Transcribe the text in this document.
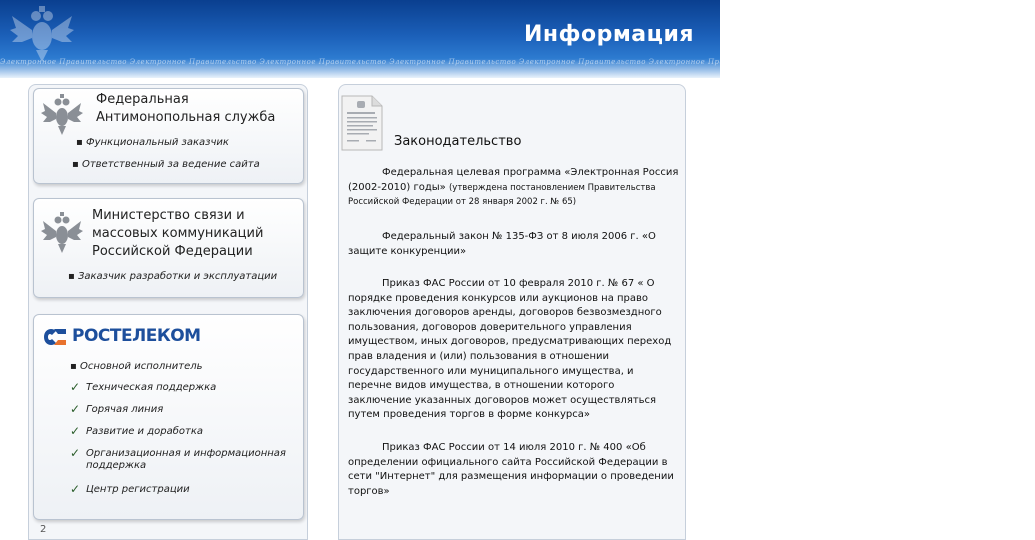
Электронное Правительство Электронное Правительство Электронное Правительство Электронное Правительство Электронное Правительство Электронное Правительство Электронное Правительство Электронное Правительство
Информация
Федеральная
Антимонопольная служба
▪ Функциональный заказчик
▪ Ответственный за ведение сайта
Министерство связи и
массовых коммуникаций
Российской Федерации
▪ Заказчик разработки и эксплуатации
РОСТЕЛЕКОМ
▪ Основной исполнитель
✓ Техническая поддержка
✓ Горячая линия
✓ Развитие и доработка
✓ Организационная и информационная поддержка
✓ Центр регистрации
2
Законодательство
Федеральная целевая программа «Электронная Россия (2002-2010) годы» (утверждена постановлением Правительства Российской Федерации от 28 января 2002 г. № 65)
Федеральный закон № 135-ФЗ от 8 июля 2006 г. «О защите конкуренции»
Приказ ФАС России от 10 февраля 2010 г. № 67 « О порядке проведения конкурсов или аукционов на право заключения договоров аренды, договоров безвозмездного пользования, договоров доверительного управления имуществом, иных договоров, предусматривающих переход прав владения и (или) пользования в отношении государственного или муниципального имущества, и перечне видов имущества, в отношении которого заключение указанных договоров может осуществляться путем проведения торгов в форме конкурса»
Приказ ФАС России от 14 июля 2010 г. № 400 «Об определении официального сайта Российской Федерации в сети "Интернет" для размещения информации о проведении торгов»
